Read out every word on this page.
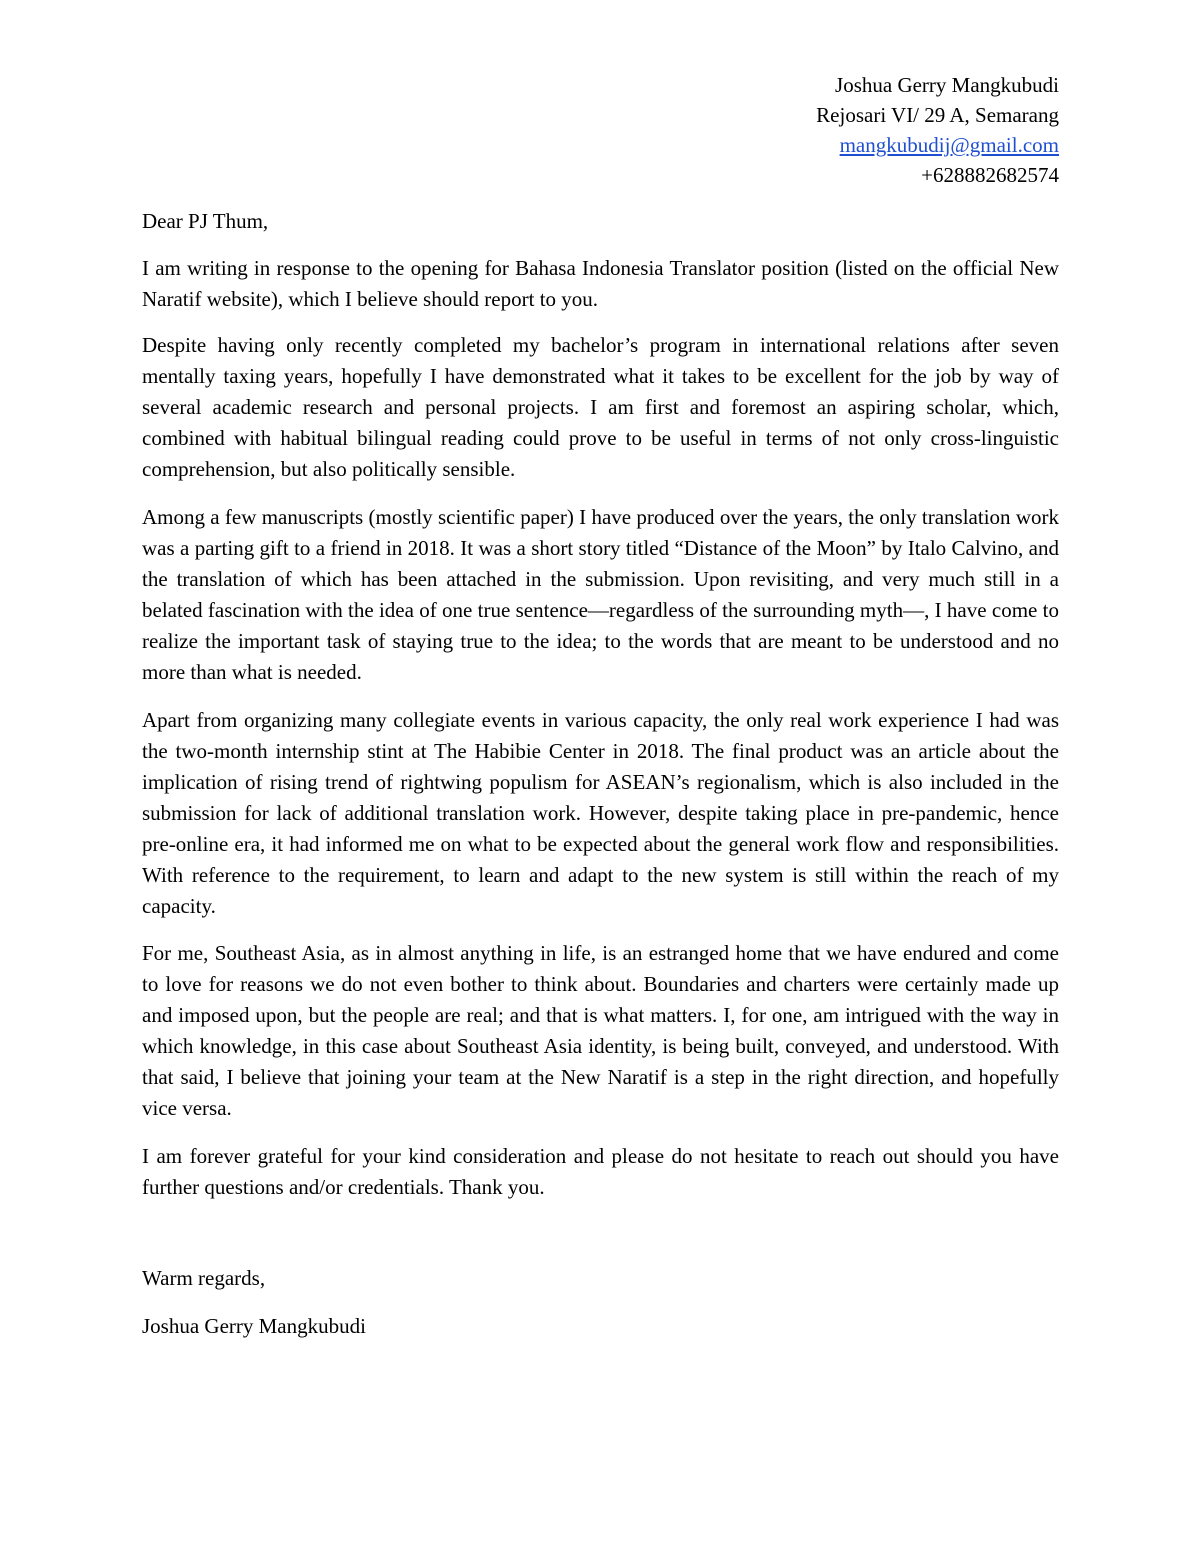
Joshua Gerry Mangkubudi
Rejosari VI/ 29 A, Semarang
mangkubudij@gmail.com
+628882682574
Dear PJ Thum,

I am writing in response to the opening for Bahasa Indonesia Translator position (listed on the official New Naratif website), which I believe should report to you.

Despite having only recently completed my bachelor’s program in international relations after seven mentally taxing years, hopefully I have demonstrated what it takes to be excellent for the job by way of several academic research and personal projects. I am first and foremost an aspiring scholar, which, combined with habitual bilingual reading could prove to be useful in terms of not only cross-linguistic comprehension, but also politically sensible.

Among a few manuscripts (mostly scientific paper) I have produced over the years, the only translation work was a parting gift to a friend in 2018. It was a short story titled “Distance of the Moon” by Italo Calvino, and the translation of which has been attached in the submission. Upon revisiting, and very much still in a belated fascination with the idea of one true sentence—regardless of the surrounding myth—, I have come to realize the important task of staying true to the idea; to the words that are meant to be understood and no more than what is needed.

Apart from organizing many collegiate events in various capacity, the only real work experience I had was the two-month internship stint at The Habibie Center in 2018. The final product was an article about the implication of rising trend of rightwing populism for ASEAN’s regionalism, which is also included in the submission for lack of additional translation work. However, despite taking place in pre-pandemic, hence pre-online era, it had informed me on what to be expected about the general work flow and responsibilities. With reference to the requirement, to learn and adapt to the new system is still within the reach of my capacity.

For me, Southeast Asia, as in almost anything in life, is an estranged home that we have endured and come to love for reasons we do not even bother to think about. Boundaries and charters were certainly made up and imposed upon, but the people are real; and that is what matters. I, for one, am intrigued with the way in which knowledge, in this case about Southeast Asia identity, is being built, conveyed, and understood. With that said, I believe that joining your team at the New Naratif is a step in the right direction, and hopefully vice versa.

I am forever grateful for your kind consideration and please do not hesitate to reach out should you have further questions and/or credentials. Thank you.

Warm regards,
Joshua Gerry Mangkubudi
